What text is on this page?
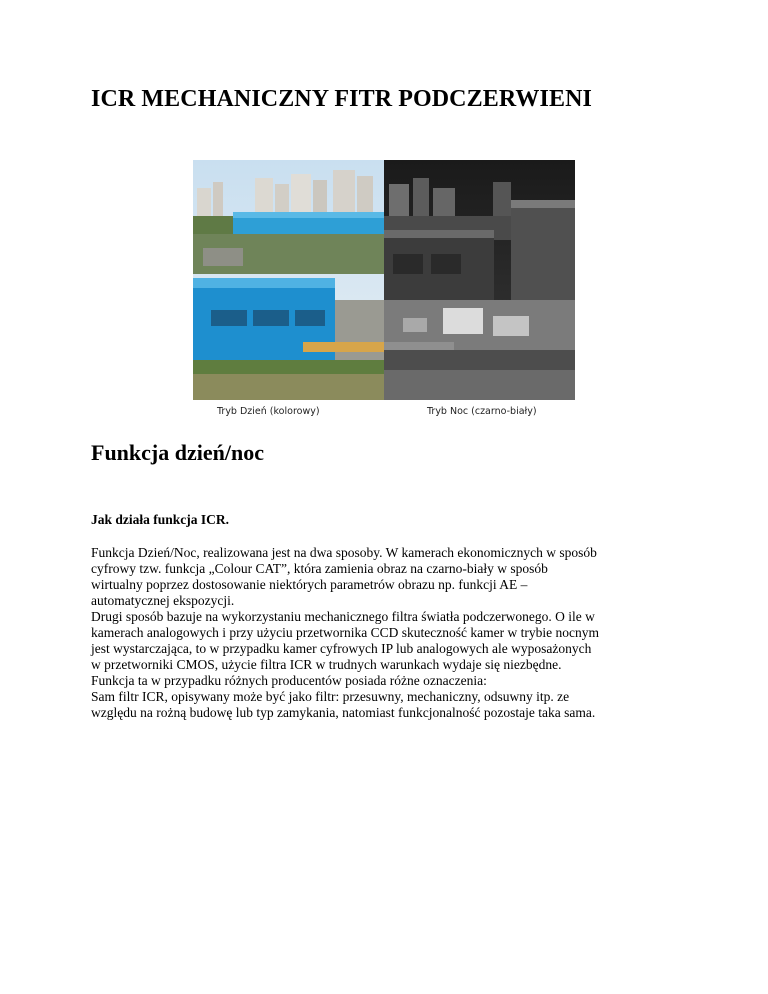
ICR MECHANICZNY FITR PODCZERWIENI
Tryb Dzień (kolorowy)	Tryb Noc (czarno-biały)
Funkcja dzień/noc
Jak działa funkcja ICR.

Funkcja Dzień/Noc, realizowana jest na dwa sposoby. W kamerach ekonomicznych w sposób

cyfrowy tzw. funkcja „Colour CAT”, która zamienia obraz na czarno-biały w sposób

wirtualny poprzez dostosowanie niektórych parametrów obrazu np. funkcji AE –

automatycznej ekspozycji.

Drugi sposób bazuje na wykorzystaniu mechanicznego filtra światła podczerwonego. O ile w

kamerach analogowych i przy użyciu przetwornika CCD skuteczność kamer w trybie nocnym

jest wystarczająca, to w przypadku kamer cyfrowych IP lub analogowych ale wyposażonych

w przetworniki CMOS, użycie filtra ICR w trudnych warunkach wydaje się niezbędne.

Funkcja ta w przypadku różnych producentów posiada różne oznaczenia:

Sam filtr ICR, opisywany może być jako filtr: przesuwny, mechaniczny, odsuwny itp. ze

względu na rożną budowę lub typ zamykania, natomiast funkcjonalność pozostaje taka sama.
